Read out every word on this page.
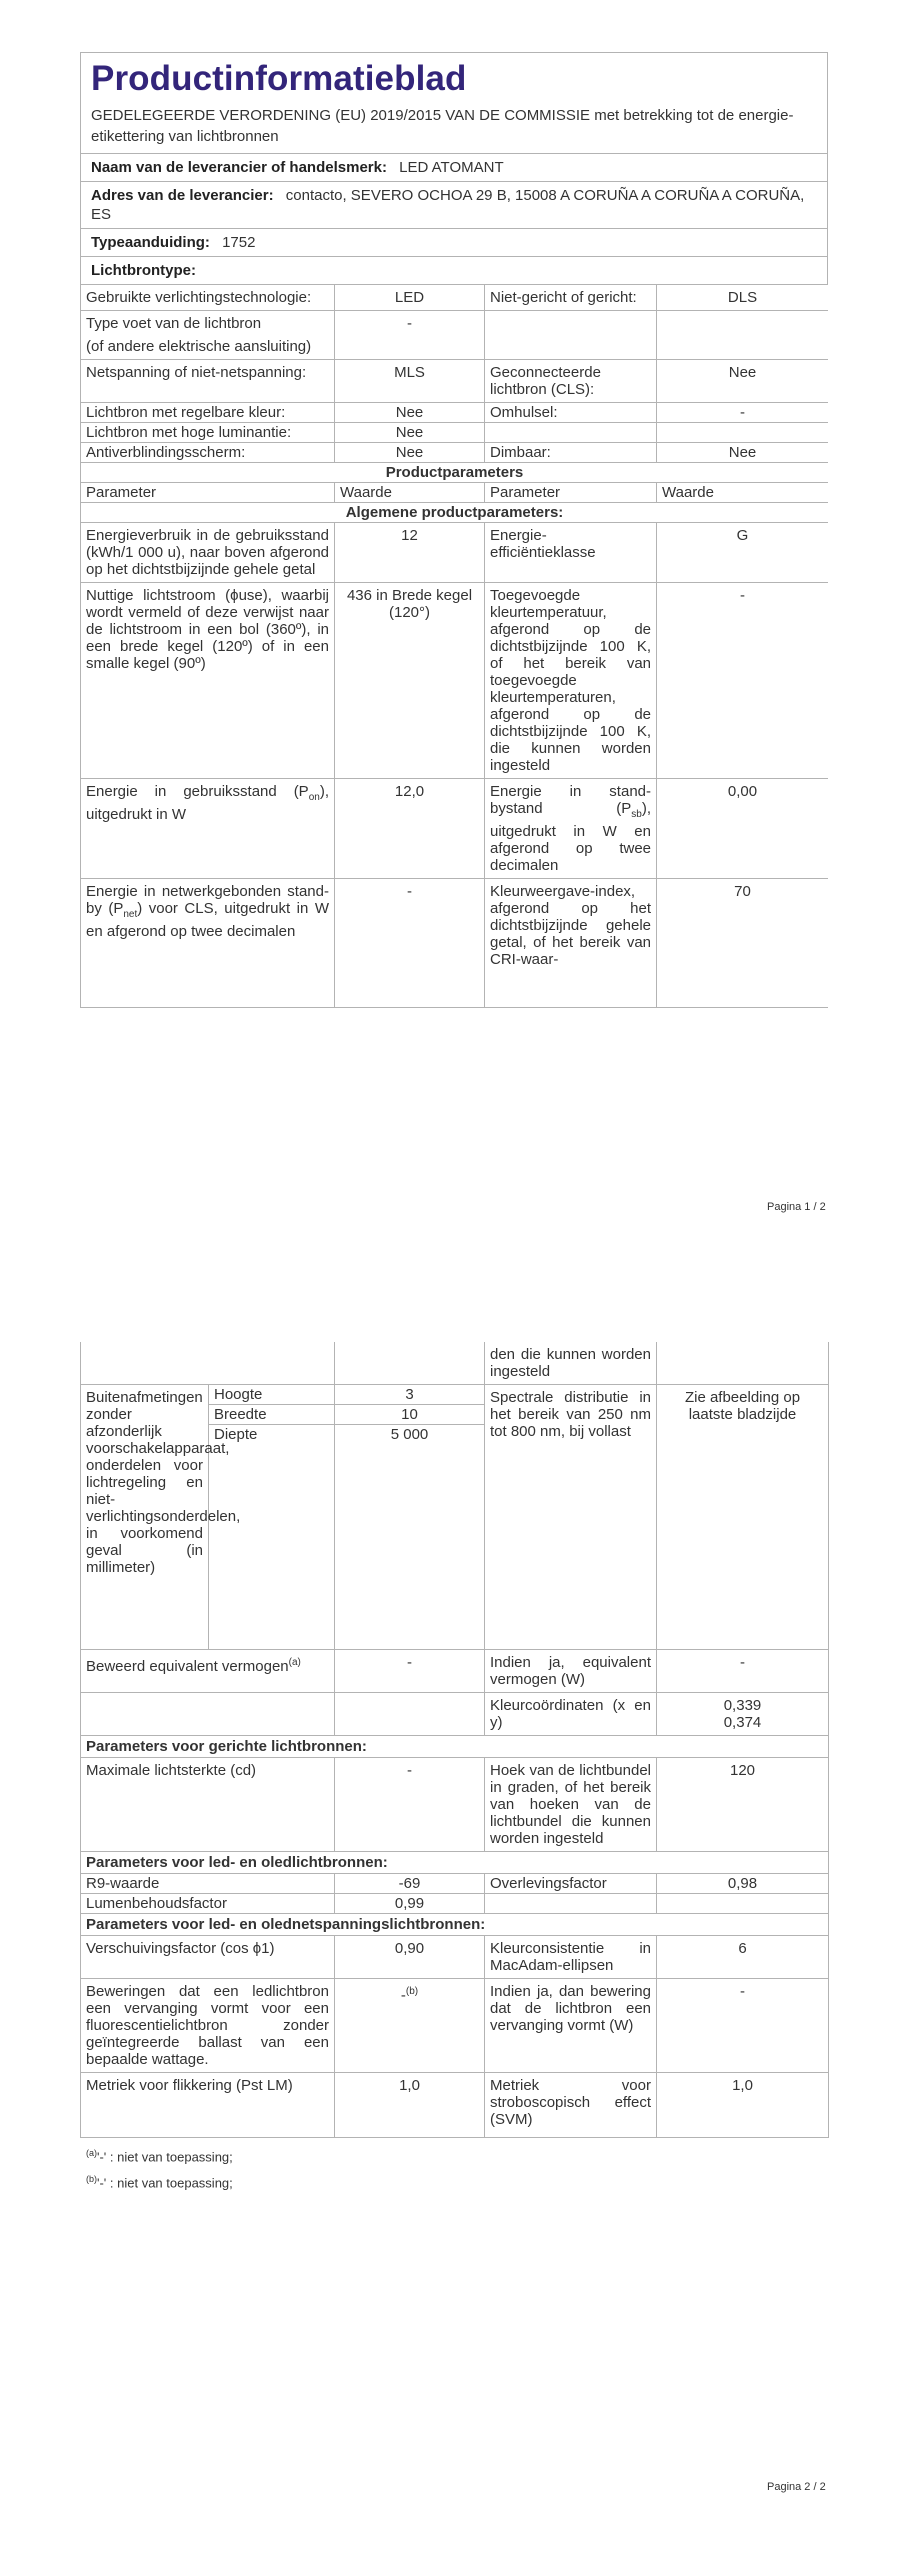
Productinformatieblad
GEDELEGEERDE VERORDENING (EU) 2019/2015 VAN DE COMMISSIE met betrekking tot de energie-etikettering van lichtbronnen
Naam van de leverancier of handelsmerk: LED ATOMANT
Adres van de leverancier: contacto, SEVERO OCHOA 29 B, 15008 A CORUÑA A CORUÑA A CORUÑA, ES
Typeaanduiding: 1752
Lichtbrontype:
Gebruikte verlichtingstechnologie:	LED	Niet-gericht of gericht:	DLS

Type voet van de lichtbron
(of andere elektrische aansluiting)	-		
Netspanning of niet-netspanning:	MLS	Geconnecteerde lichtbron (CLS):	Nee
Lichtbron met regelbare kleur:	Nee	Omhulsel:	-
Lichtbron met hoge luminantie:	Nee		
Antiverblindingsscherm:	Nee	Dimbaar:	Nee
Productparameters			
Parameter	Waarde	Parameter	Waarde
Algemene productparameters:			
Energieverbruik in de gebruiksstand (kWh/1 000 u), naar boven afgerond op het dichtstbijzijnde gehele getal	12	Energie-efficiëntieklasse	G
Nuttige lichtstroom (ϕuse), waarbij wordt vermeld of deze verwijst naar de lichtstroom in een bol (360º), in een brede kegel (120º) of in een smalle kegel (90º)	436 in Brede kegel (120°)	Toegevoegde kleurtemperatuur, afgerond op de dichtstbijzijnde 100 K, of het bereik van toegevoegde kleurtemperaturen, afgerond op de dichtstbijzijnde 100 K, die kunnen worden ingesteld	-
Energie in gebruiksstand $(P_{on})$, uitgedrukt in W	12,0	Energie in stand-bystand $(P_{sb})$, uitgedrukt in W en afgerond op twee decimalen	0,00
Energie in netwerkgebonden stand-by $(P_{net})$ voor CLS, uitgedrukt in W en afgerond op twee decimalen	-	Kleurweergave-index, afgerond op het dichtstbijzijnde gehele getal, of het bereik van CRI-waar-	70
Pagina 1 / 2
			den die kunnen worden ingesteld	
Buitenafmetingen zonder afzonderlijk voorschakelapparaat, onderdelen voor lichtregeling en niet-verlichtingsonderdelen, in voorkomend geval (in millimeter)	Hoogte	3	Spectrale distributie in het bereik van 250 nm tot 800 nm, bij vollast	Zie afbeelding op laatste bladzijde
	Breedte	10		
	Diepte	5 000		
Beweerd equivalent vermogen$^{(a)}$		-	Indien ja, equivalent vermogen (W)	-
			Kleurcoördinaten (x en y)	0,339
0,374

Parameters voor gerichte lichtbronnen:				
Maximale lichtsterkte (cd)		-	Hoek van de lichtbundel in graden, of het bereik van hoeken van de lichtbundel die kunnen worden ingesteld	120
Parameters voor led- en oledlichtbronnen:				
R9-waarde		-69	Overlevingsfactor	0,98
Lumenbehoudsfactor		0,99		
Parameters voor led- en olednetspanningslichtbronnen:				
Verschuivingsfactor (cos ϕ1)		0,90	Kleurconsistentie in MacAdam-ellipsen	6
Beweringen dat een ledlichtbron een vervanging vormt voor een fluorescentielichtbron zonder geïntegreerde ballast van een bepaalde wattage.		-$^{(b)}$	Indien ja, dan bewering dat de lichtbron een vervanging vormt (W)	-
Metriek voor flikkering (Pst LM)		1,0	Metriek voor stroboscopisch effect (SVM)	1,0
$^{(a)}$'-' : niet van toepassing;
$^{(b)}$'-' : niet van toepassing;
Pagina 2 / 2
